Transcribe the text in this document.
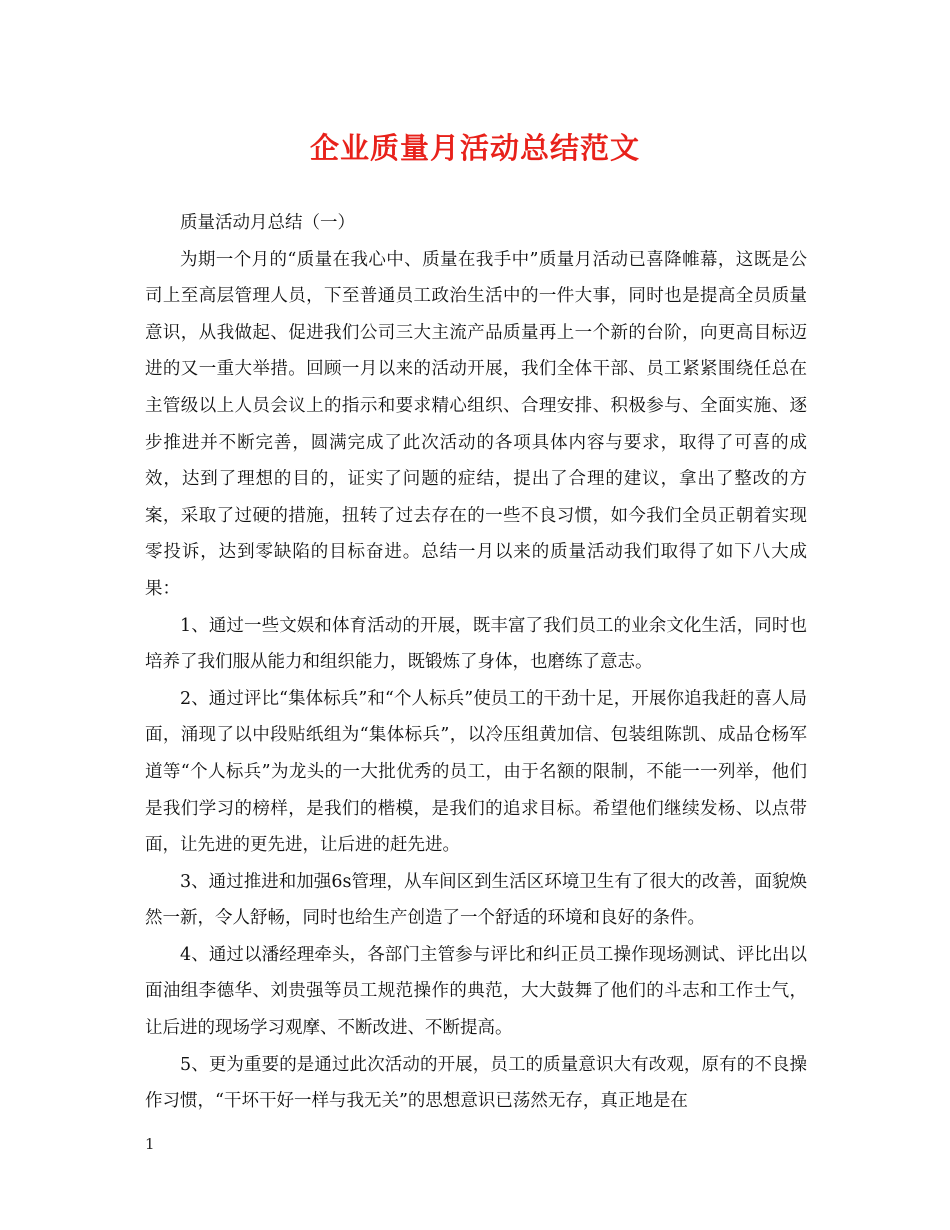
企业质量月活动总结范文

质量活动月总结（一）

为期一个月的“质量在我心中、质量在我手中”质量月活动已喜降帷幕，这既是公司上至高层管理人员，下至普通员工政治生活中的一件大事，同时也是提高全员质量意识，从我做起、促进我们公司三大主流产品质量再上一个新的台阶，向更高目标迈进的又一重大举措。回顾一月以来的活动开展，我们全体干部、员工紧紧围绕任总在主管级以上人员会议上的指示和要求精心组织、合理安排、积极参与、全面实施、逐步推进并不断完善，圆满完成了此次活动的各项具体内容与要求，取得了可喜的成效，达到了理想的目的，证实了问题的症结，提出了合理的建议，拿出了整改的方案，采取了过硬的措施，扭转了过去存在的一些不良习惯，如今我们全员正朝着实现零投诉，达到零缺陷的目标奋进。总结一月以来的质量活动我们取得了如下八大成果：

1、通过一些文娱和体育活动的开展，既丰富了我们员工的业余文化生活，同时也培养了我们服从能力和组织能力，既锻炼了身体，也磨练了意志。

2、通过评比“集体标兵”和“个人标兵”使员工的干劲十足，开展你追我赶的喜人局面，涌现了以中段贴纸组为“集体标兵”，以冷压组黄加信、包装组陈凯、成品仓杨军道等“个人标兵”为龙头的一大批优秀的员工，由于名额的限制，不能一一列举，他们是我们学习的榜样，是我们的楷模，是我们的追求目标。希望他们继续发杨、以点带面，让先进的更先进，让后进的赶先进。

3、通过推进和加强6s管理，从车间区到生活区环境卫生有了很大的改善，面貌焕然一新，令人舒畅，同时也给生产创造了一个舒适的环境和良好的条件。

4、通过以潘经理牵头，各部门主管参与评比和纠正员工操作现场测试、评比出以面油组李德华、刘贵强等员工规范操作的典范，大大鼓舞了他们的斗志和工作士气，让后进的现场学习观摩、不断改进、不断提高。

5、更为重要的是通过此次活动的开展，员工的质量意识大有改观，原有的不良操作习惯，“干坏干好一样与我无关”的思想意识已荡然无存，真正地是在

1
